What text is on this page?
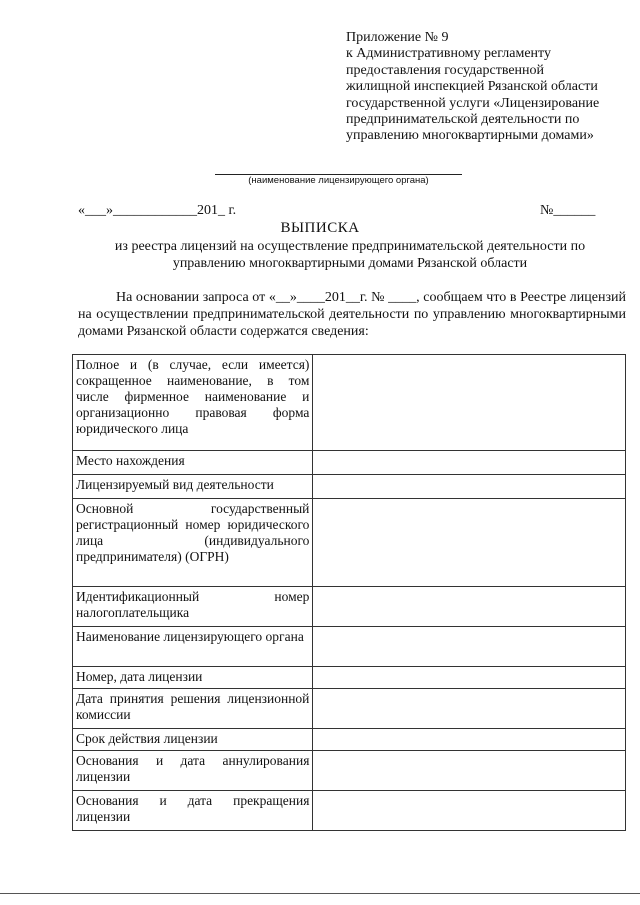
Приложение № 9
к Административному регламенту
предоставления государственной
жилищной инспекцией Рязанской области
государственной услуги «Лицензирование
предпринимательской деятельности по
управлению многоквартирными домами»
(наименование лицензирующего органа)
«___»____________201_ г.	№______
ВЫПИСКА
из реестра лицензий на осуществление предпринимательской деятельности по управлению многоквартирными домами Рязанской области

На основании запроса от «__»____201__г. № ____, сообщаем что в Реестре лицензий на осуществлении предпринимательской деятельности по управлению многоквартирными домами Рязанской области содержатся сведения:

Полное и (в случае, если имеется) сокращенное наименование, в том числе фирменное наименование и организационно правовая форма юридического лица	
Место нахождения	
Лицензируемый вид деятельности	
Основной государственный регистрационный номер юридического лица (индивидуального предпринимателя) (ОГРН)	
Идентификационный номер налогоплательщика	
Наименование лицензирующего органа	
Номер, дата лицензии	
Дата принятия решения лицензионной комиссии	
Срок действия лицензии	
Основания и дата аннулирования лицензии	
Основания и дата прекращения лицензии	
